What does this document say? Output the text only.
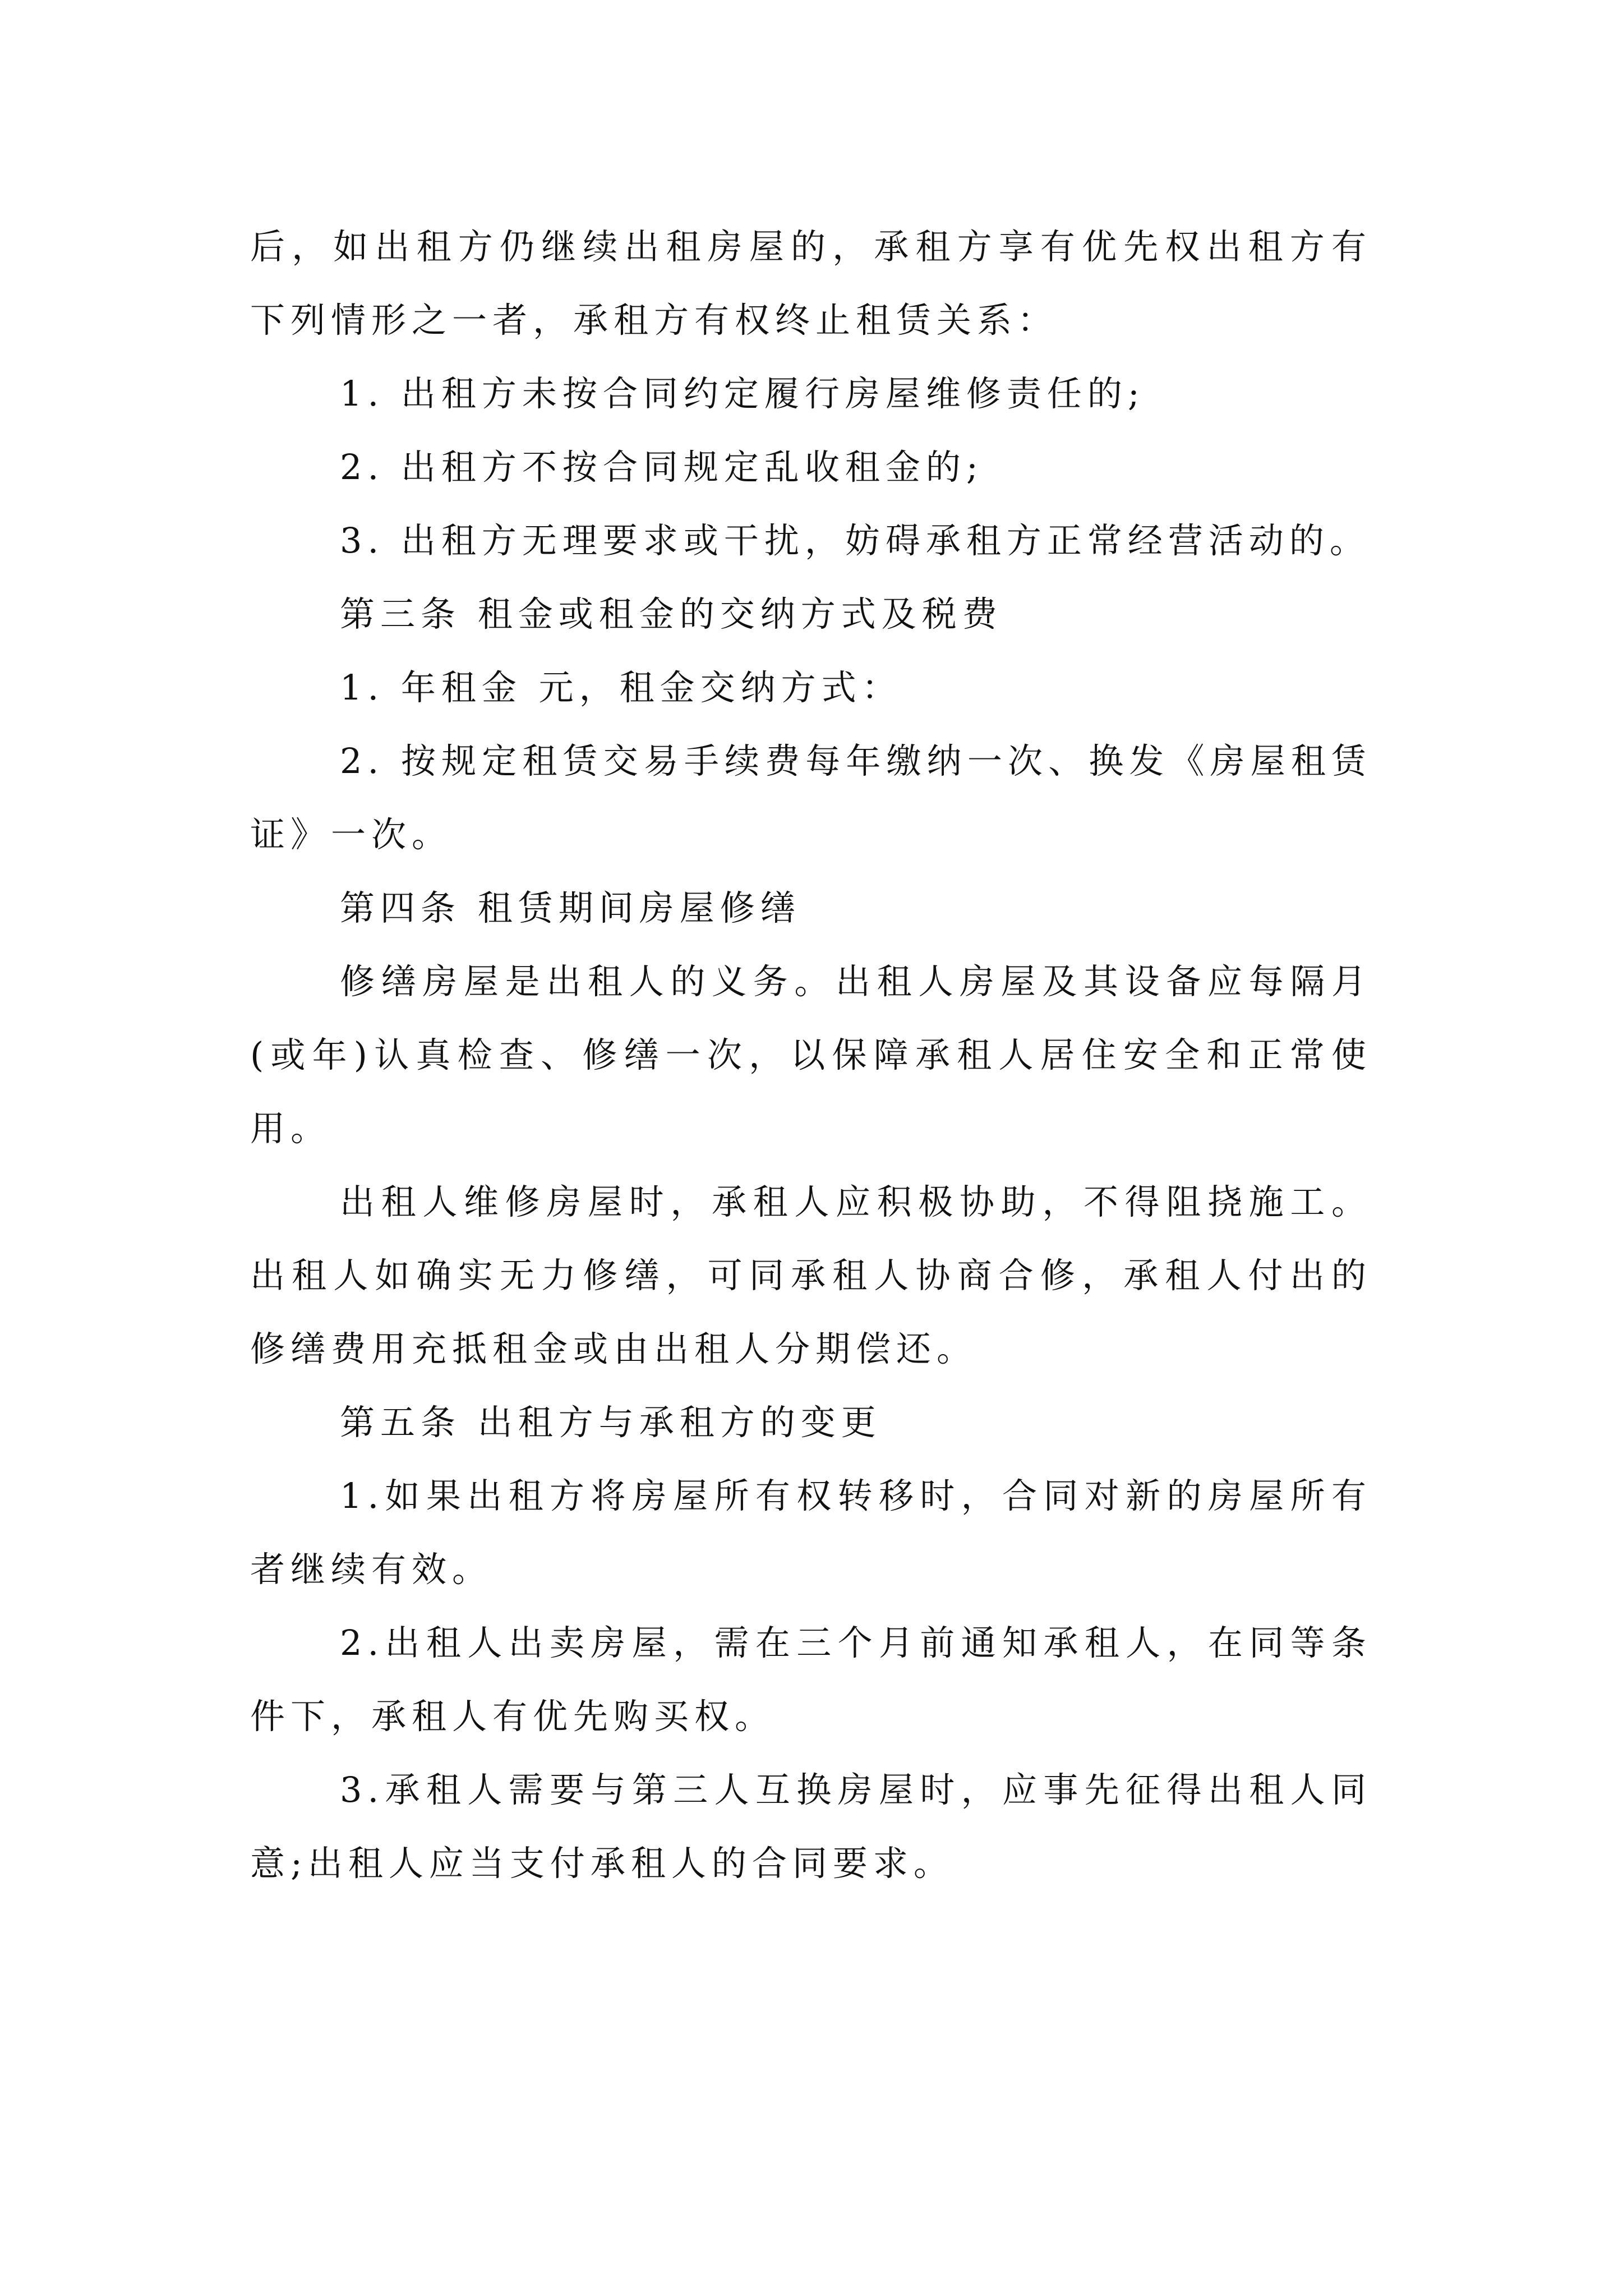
后，如出租方仍继续出租房屋的，承租方享有优先权出租方有下列情形之一者，承租方有权终止租赁关系：

1. 出租方未按合同约定履行房屋维修责任的;

2. 出租方不按合同规定乱收租金的;

3. 出租方无理要求或干扰，妨碍承租方正常经营活动的。

第三条 租金或租金的交纳方式及税费

1. 年租金 元，租金交纳方式：

2. 按规定租赁交易手续费每年缴纳一次、换发《房屋租赁证》一次。

第四条 租赁期间房屋修缮

修缮房屋是出租人的义务。出租人房屋及其设备应每隔月(或年)认真检查、修缮一次，以保障承租人居住安全和正常使用。

出租人维修房屋时，承租人应积极协助，不得阻挠施工。出租人如确实无力修缮，可同承租人协商合修，承租人付出的修缮费用充抵租金或由出租人分期偿还。

第五条 出租方与承租方的变更

1.如果出租方将房屋所有权转移时，合同对新的房屋所有者继续有效。

2.出租人出卖房屋，需在三个月前通知承租人，在同等条件下，承租人有优先购买权。

3.承租人需要与第三人互换房屋时，应事先征得出租人同意;出租人应当支付承租人的合同要求。
